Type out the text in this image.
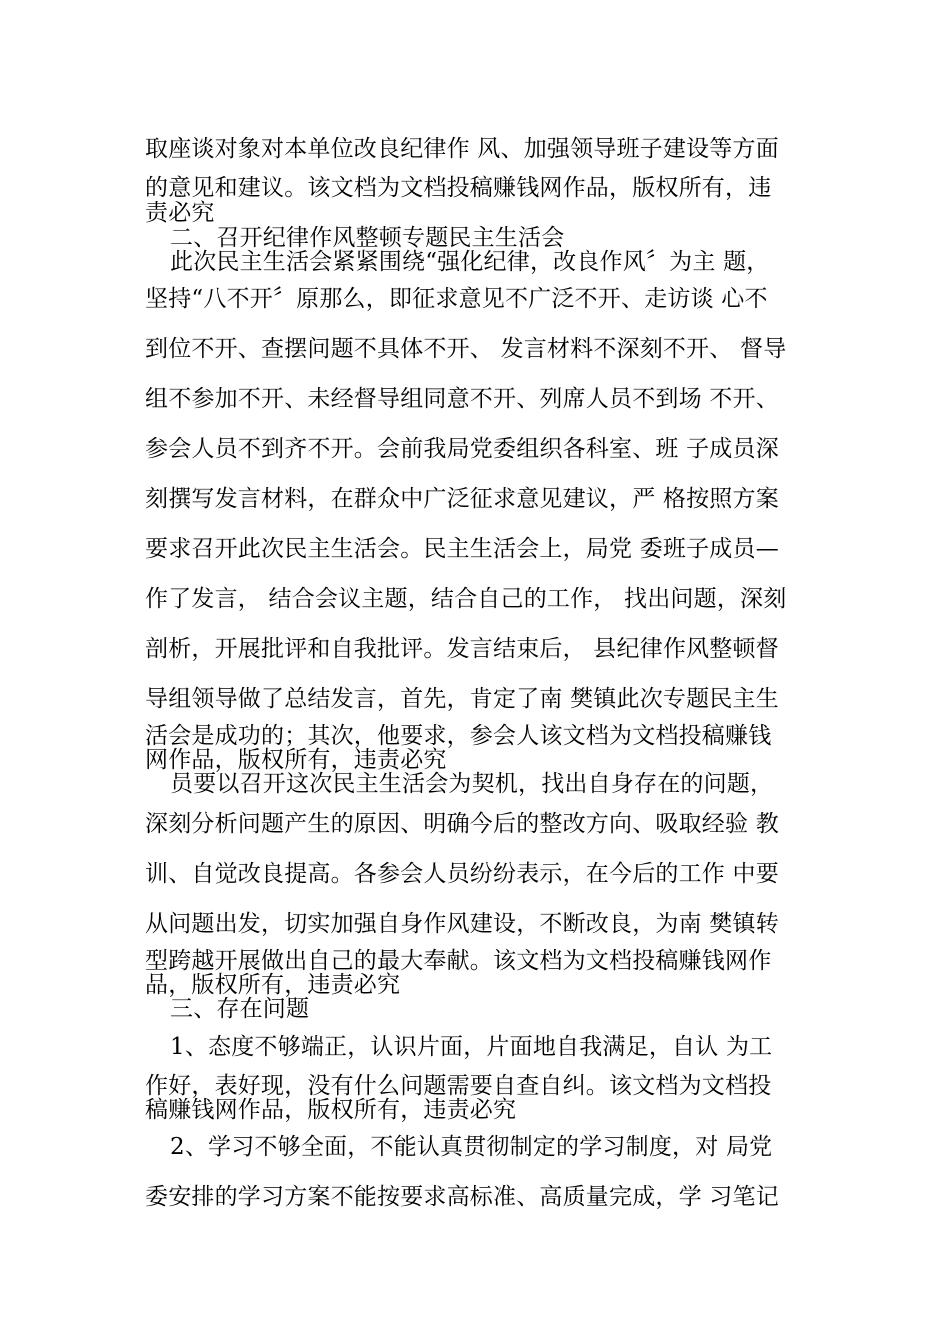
取座谈对象对本单位改良纪律作 风、加强领导班子建设等方面
的意见和建议。该文档为文档投稿赚钱网作品，版权所有，违
责必究
二、召开纪律作风整顿专题民主生活会
此次民主生活会紧紧围绕“强化纪律，改良作风〞为主 题，
坚持“八不开〞原那么，即征求意见不广泛不开、走访谈 心不
到位不开、查摆问题不具体不开、 发言材料不深刻不开、 督导
组不参加不开、未经督导组同意不开、列席人员不到场 不开、
参会人员不到齐不开。会前我局党委组织各科室、班 子成员深
刻撰写发言材料，在群众中广泛征求意见建议，严 格按照方案
要求召开此次民主生活会。民主生活会上，局党 委班子成员—
作了发言， 结合会议主题，结合自己的工作， 找出问题，深刻
剖析，开展批评和自我批评。发言结束后， 县纪律作风整顿督
导组领导做了总结发言，首先，肯定了南 樊镇此次专题民主生
活会是成功的；其次，他要求，参会人该文档为文档投稿赚钱
网作品，版权所有，违责必究
员要以召开这次民主生活会为契机，找出自身存在的问题，
深刻分析问题产生的原因、明确今后的整改方向、吸取经验 教
训、自觉改良提高。各参会人员纷纷表示，在今后的工作 中要
从问题出发，切实加强自身作风建设，不断改良，为南 樊镇转
型跨越开展做出自己的最大奉献。该文档为文档投稿赚钱网作
品，版权所有，违责必究
三、存在问题
1、态度不够端正，认识片面，片面地自我满足，自认 为工
作好，表好现，没有什么问题需要自查自纠。该文档为文档投
稿赚钱网作品，版权所有，违责必究
2、学习不够全面，不能认真贯彻制定的学习制度，对 局党
委安排的学习方案不能按要求高标准、高质量完成，学 习笔记
